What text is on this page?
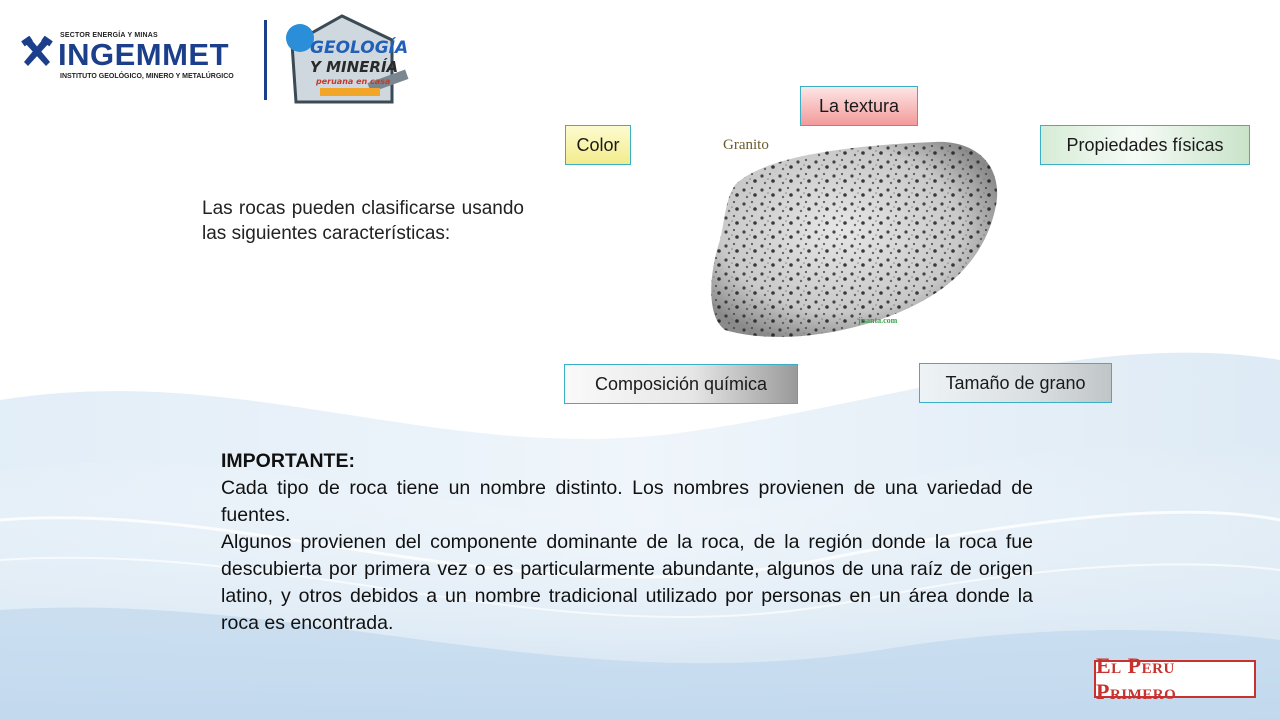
SECTOR ENERGÍA Y MINAS
INGEMMET
INSTITUTO GEOLÓGICO, MINERO Y METALÚRGICO
GEOLOGÍA
Y MINERÍA
peruana en casa
Las rocas pueden clasificarse usando las siguientes características:
Granito
jisanta.com
Color
La textura
Propiedades físicas
Composición química	Tamaño de grano
IMPORTANTE:

Cada tipo de roca tiene un nombre distinto. Los nombres provienen de una variedad de fuentes.

Algunos provienen del componente dominante de la roca, de la región donde la roca fue descubierta por primera vez o es particularmente abundante, algunos de una raíz de origen latino, y otros debidos a un nombre tradicional utilizado por personas en un área donde la roca es encontrada.

El Perú Primero
